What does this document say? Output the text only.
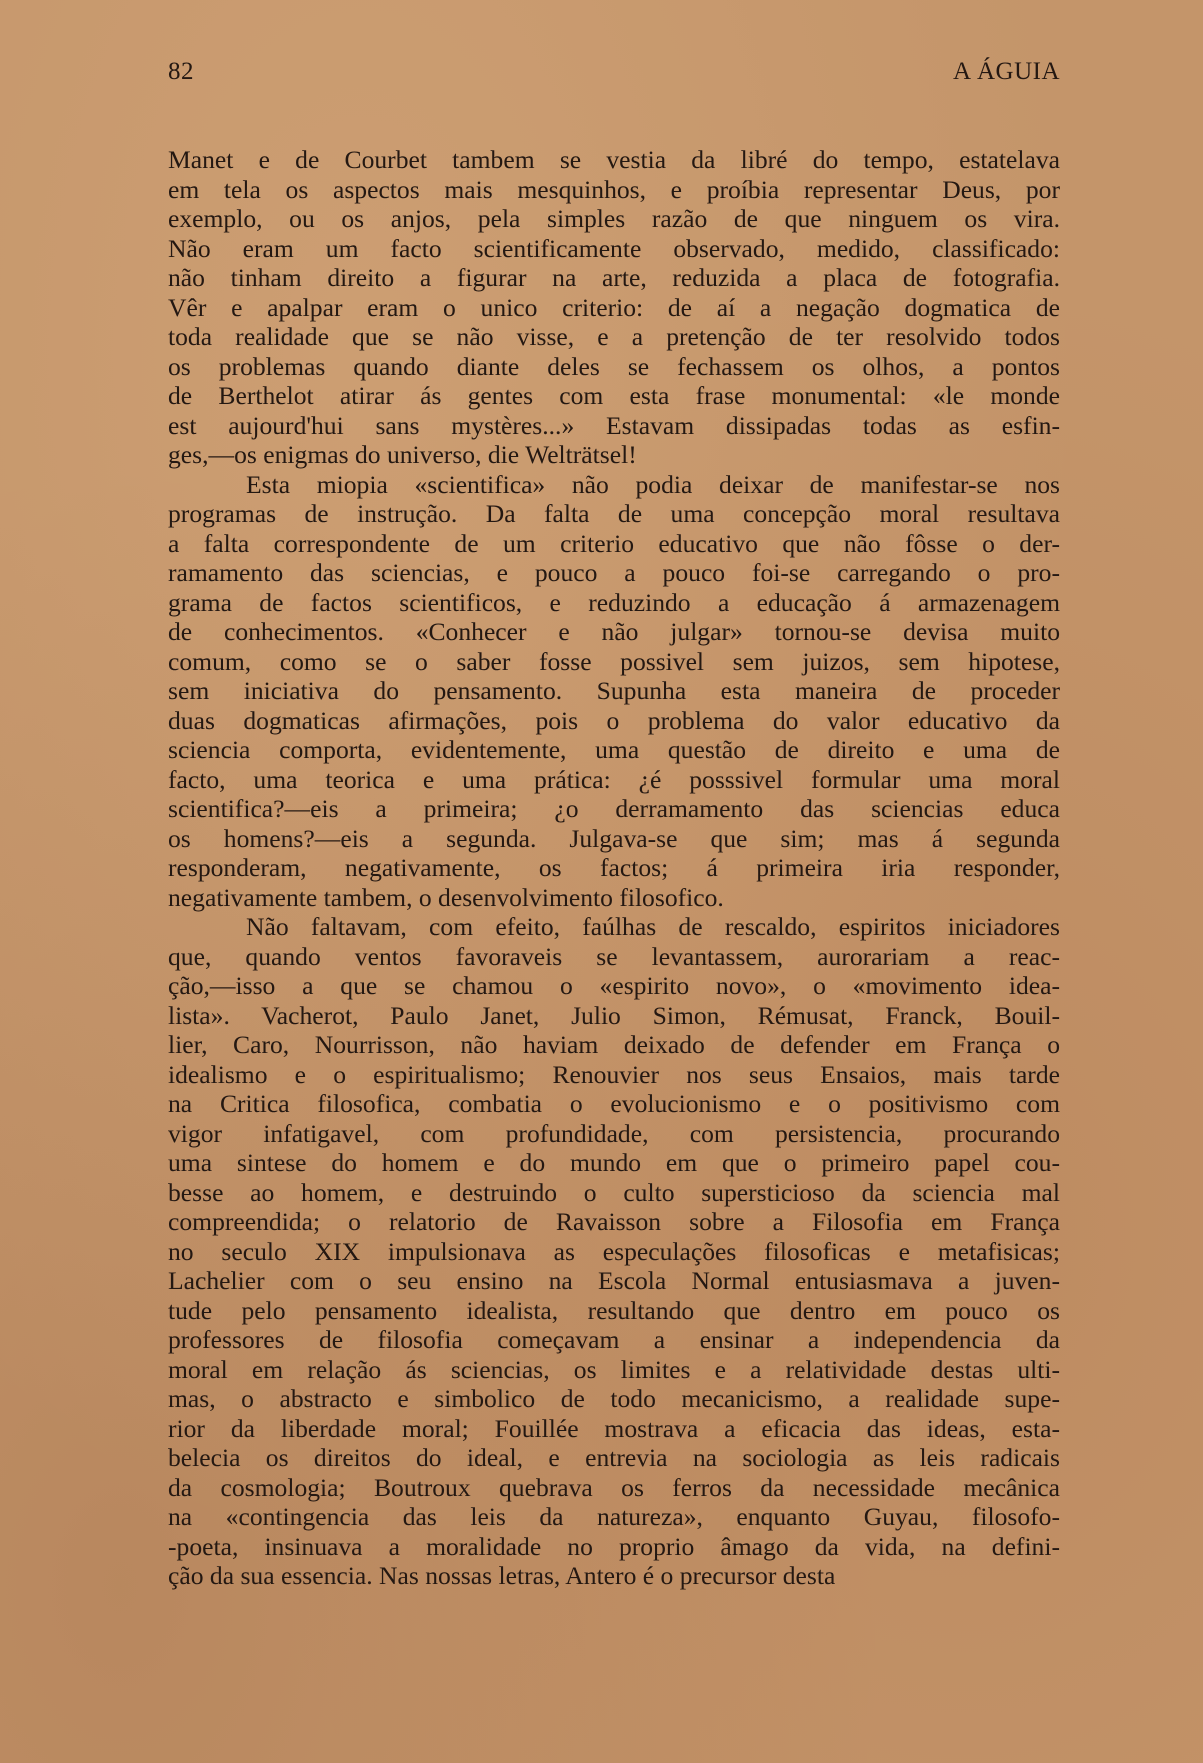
82	A ÁGUIA
Manet e de Courbet tambem se vestia da libré do tempo, estatelava
em tela os aspectos mais mesquinhos, e proíbia representar Deus, por
exemplo, ou os anjos, pela simples razão de que ninguem os vira.
Não eram um facto scientificamente observado, medido, classificado:
não tinham direito a figurar na arte, reduzida a placa de fotografia.
Vêr e apalpar eram o unico criterio: de aí a negação dogmatica de
toda realidade que se não visse, e a pretenção de ter resolvido todos
os problemas quando diante deles se fechassem os olhos, a pontos
de Berthelot atirar ás gentes com esta frase monumental: «le monde
est aujourd'hui sans mystères...» Estavam dissipadas todas as esfin-
ges,—os enigmas do universo, die Welträtsel!
Esta miopia «scientifica» não podia deixar de manifestar-se nos
programas de instrução. Da falta de uma concepção moral resultava
a falta correspondente de um criterio educativo que não fôsse o der-
ramamento das sciencias, e pouco a pouco foi-se carregando o pro-
grama de factos scientificos, e reduzindo a educação á armazenagem
de conhecimentos. «Conhecer e não julgar» tornou-se devisa muito
comum, como se o saber fosse possivel sem juizos, sem hipotese,
sem iniciativa do pensamento. Supunha esta maneira de proceder
duas dogmaticas afirmações, pois o problema do valor educativo da
sciencia comporta, evidentemente, uma questão de direito e uma de
facto, uma teorica e uma prática: ¿é posssivel formular uma moral
scientifica?—eis a primeira; ¿o derramamento das sciencias educa
os homens?—eis a segunda. Julgava-se que sim; mas á segunda
responderam, negativamente, os factos; á primeira iria responder,
negativamente tambem, o desenvolvimento filosofico.
Não faltavam, com efeito, faúlhas de rescaldo, espiritos iniciadores
que, quando ventos favoraveis se levantassem, aurorariam a reac-
ção,—isso a que se chamou o «espirito novo», o «movimento idea-
lista». Vacherot, Paulo Janet, Julio Simon, Rémusat, Franck, Bouil-
lier, Caro, Nourrisson, não haviam deixado de defender em França o
idealismo e o espiritualismo; Renouvier nos seus Ensaios, mais tarde
na Critica filosofica, combatia o evolucionismo e o positivismo com
vigor infatigavel, com profundidade, com persistencia, procurando
uma sintese do homem e do mundo em que o primeiro papel cou-
besse ao homem, e destruindo o culto supersticioso da sciencia mal
compreendida; o relatorio de Ravaisson sobre a Filosofia em França
no seculo XIX impulsionava as especulações filosoficas e metafisicas;
Lachelier com o seu ensino na Escola Normal entusiasmava a juven-
tude pelo pensamento idealista, resultando que dentro em pouco os
professores de filosofia começavam a ensinar a independencia da
moral em relação ás sciencias, os limites e a relatividade destas ulti-
mas, o abstracto e simbolico de todo mecanicismo, a realidade supe-
rior da liberdade moral; Fouillée mostrava a eficacia das ideas, esta-
belecia os direitos do ideal, e entrevia na sociologia as leis radicais
da cosmologia; Boutroux quebrava os ferros da necessidade mecânica
na «contingencia das leis da natureza», enquanto Guyau, filosofo-
-poeta, insinuava a moralidade no proprio âmago da vida, na defini-
ção da sua essencia. Nas nossas letras, Antero é o precursor desta
